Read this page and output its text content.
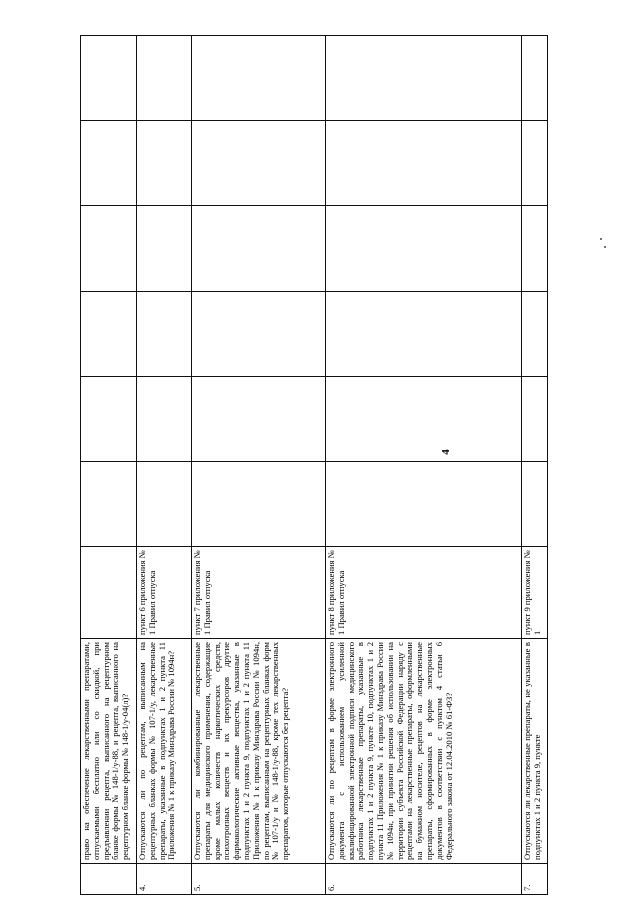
4
	право на обеспечение лекарственными препаратами, отпускаемыми бесплатно или со скидкой, при предъявлении рецепта, выписанного на рецептурном бланке формы № 148-1/у-88, и рецепта, выписанного на рецептурном бланке формы № 148-1/у-04(л)?							
4.	Отпускаются ли по рецептам, выписанным на рецептурных бланках формы № 107-1/у, лекарственные препараты, указанные в подпунктах 1 и 2 пункта 11 Приложения № 1 к приказу Минздрава России № 1094н?	пункт 6 приложения № 1 Правил отпуска						
5.	Отпускаются ли комбинированные лекарственные препараты для медицинского применения, содержащие кроме малых количеств наркотических средств, психотропных веществ и их прекурсоров другие фармакологические активные вещества, указанные в подпунктах 1 и 2 пункта 9, подпунктах 1 и 2 пункта 11 Приложения № 1 к приказу Минздрава России № 1094н, по рецептам, выписанным на рецептурных бланках форм № 107-1/у и № 148-1/у-88, кроме тех лекарственных препаратов, которые отпускаются без рецепта?	пункт 7 приложения № 1 Правил отпуска						
6.	Отпускаются ли по рецептам в форме электронного документа с использованием усиленной квалифицированной электронной подписи медицинского работника лекарственные препараты, указанные в подпунктах 1 и 2 пункта 9, пункте 10, подпунктах 1 и 2 пункта 11 Приложения № 1 к приказу Минздрава России № 1094н, при принятии решения об использовании на территории субъекта Российской Федерации наряду с рецептами на лекарственные препараты, оформленными на бумажном носителе, рецептов на лекарственные препараты, сформированных в форме электронных документов в соответствии с пунктом 4 статьи 6 Федерального закона от 12.04.2010 № 61-ФЗ?	пункт 8 приложения № 1 Правил отпуска						
7.	Отпускаются ли лекарственные препараты, не указанные в подпунктах 1 и 2 пункта 9, пункте	пункт 9 приложения № 1						
